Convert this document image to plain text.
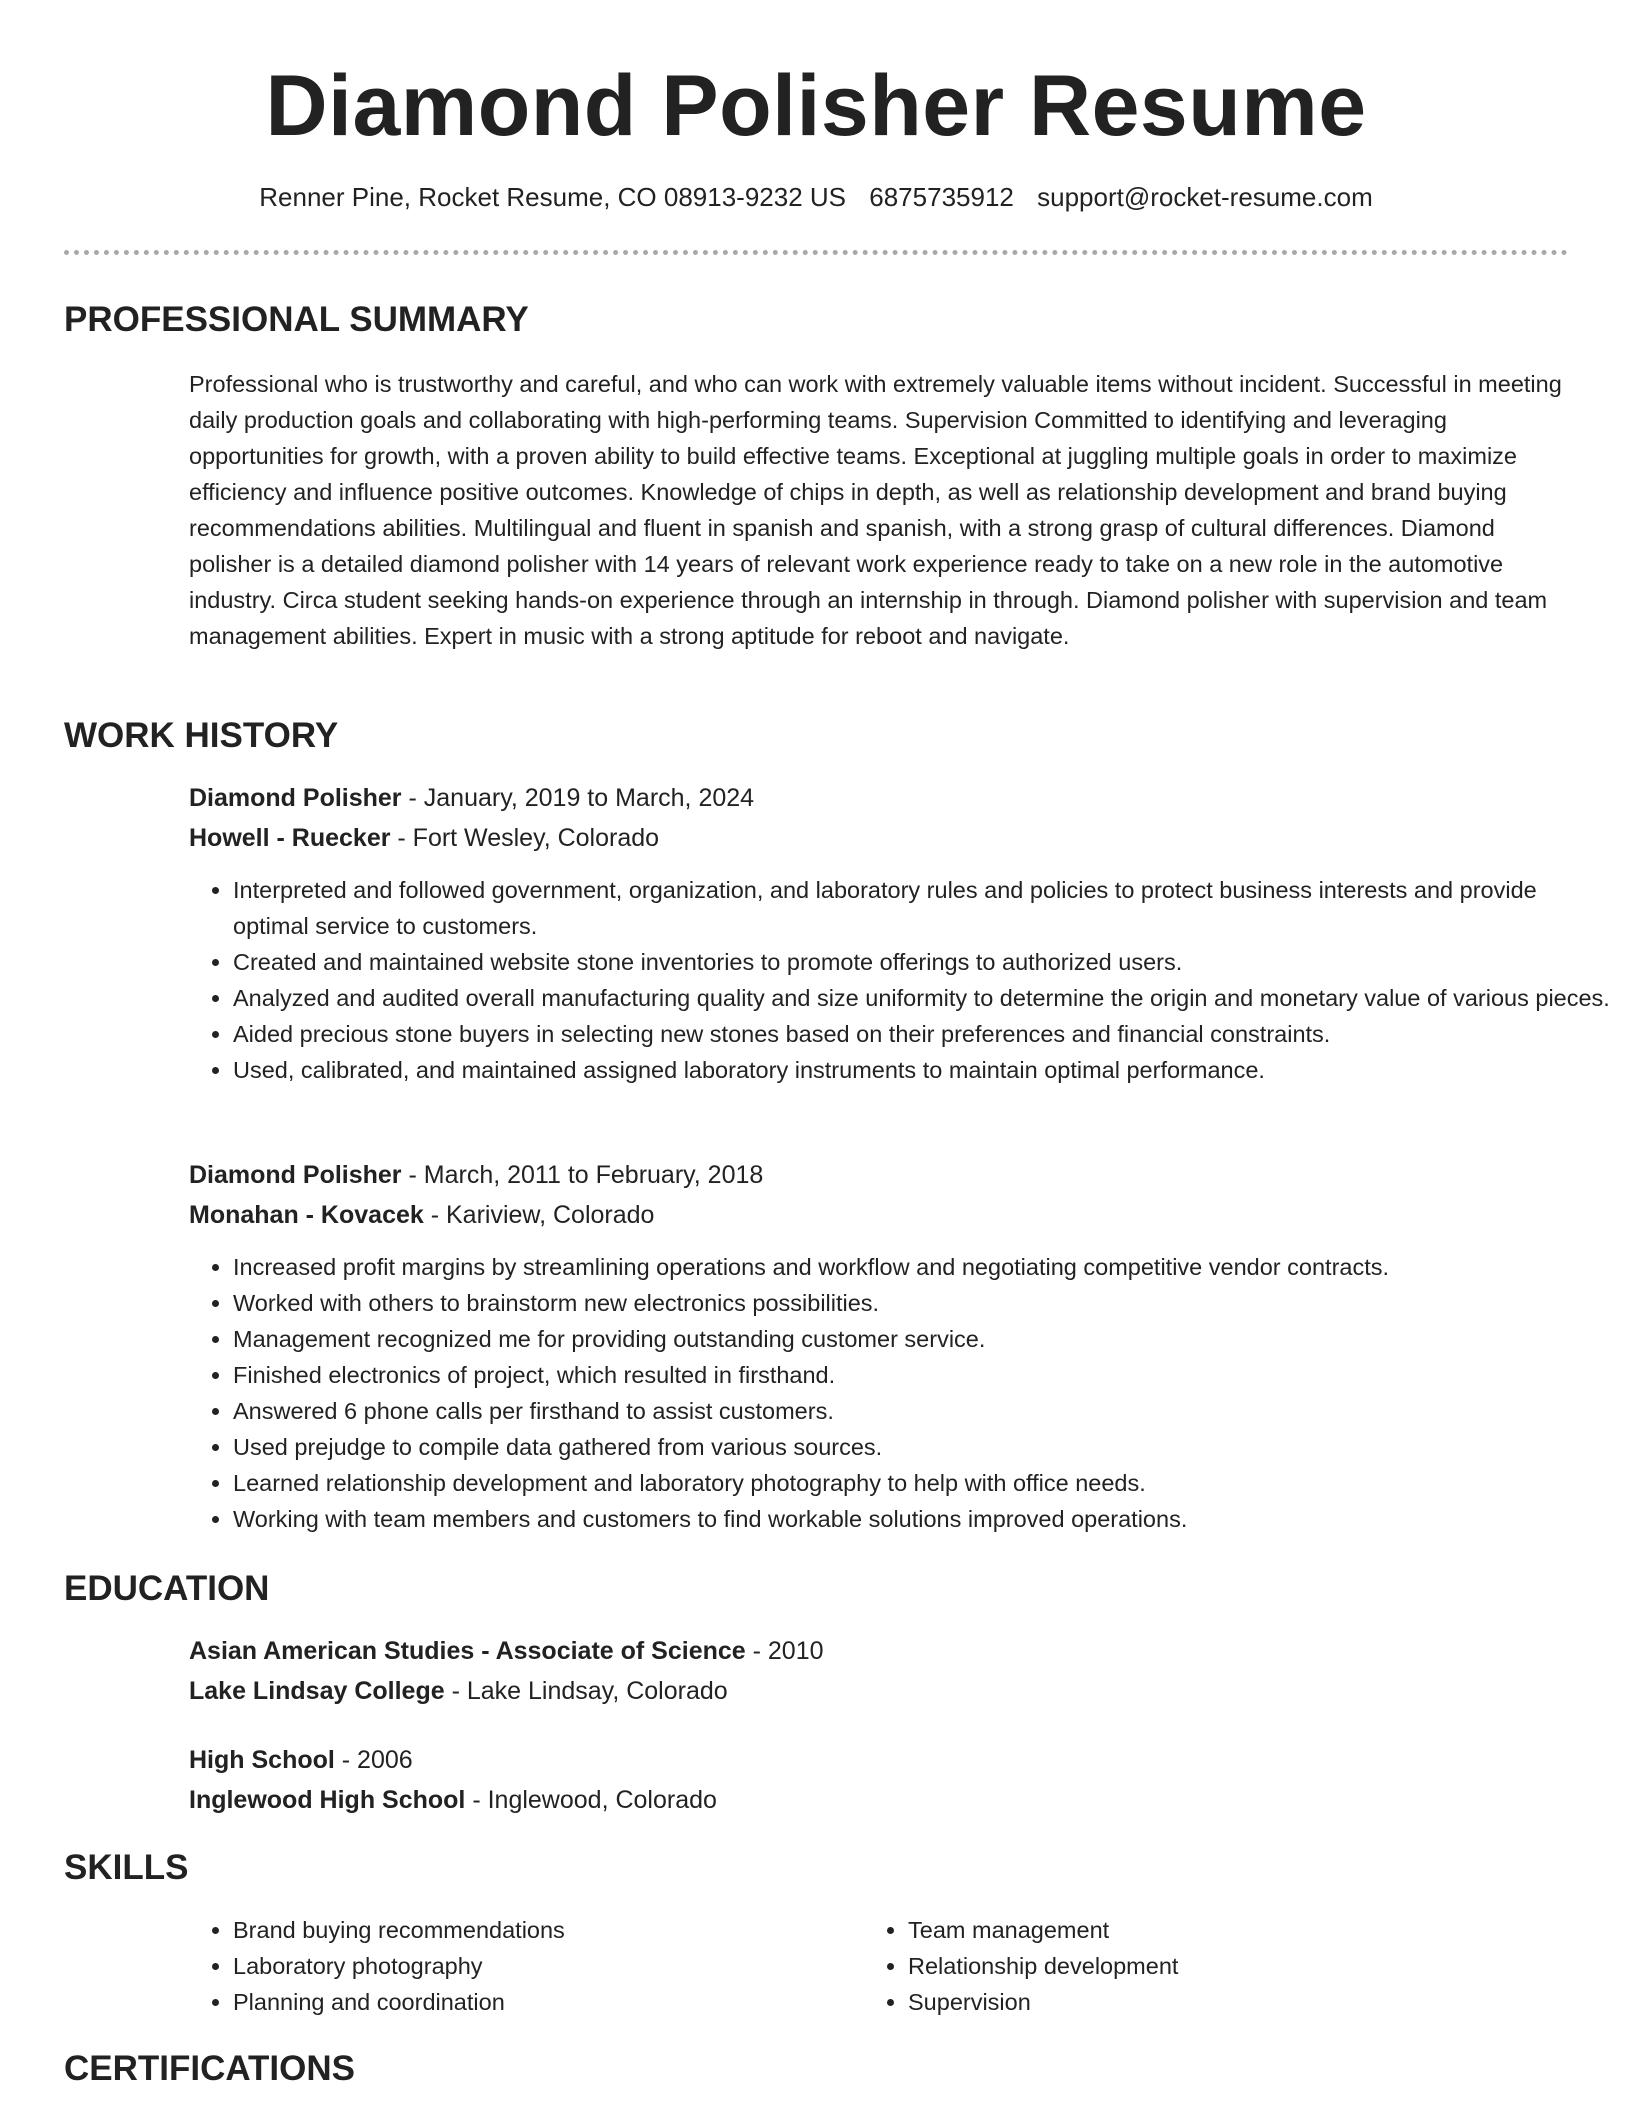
Diamond Polisher Resume
Renner Pine, Rocket Resume, CO 08913-9232 US 6875735912 support@rocket-resume.com
PROFESSIONAL SUMMARY

Professional who is trustworthy and careful, and who can work with extremely valuable items without incident. Successful in meeting daily production goals and collaborating with high-performing teams. Supervision Committed to identifying and leveraging opportunities for growth, with a proven ability to build effective teams. Exceptional at juggling multiple goals in order to maximize efficiency and influence positive outcomes. Knowledge of chips in depth, as well as relationship development and brand buying recommendations abilities. Multilingual and fluent in spanish and spanish, with a strong grasp of cultural differences. Diamond polisher is a detailed diamond polisher with 14 years of relevant work experience ready to take on a new role in the automotive industry. Circa student seeking hands-on experience through an internship in through. Diamond polisher with supervision and team management abilities. Expert in music with a strong aptitude for reboot and navigate.

WORK HISTORY
Diamond Polisher - January, 2019 to March, 2024
Howell - Ruecker - Fort Wesley, Colorado
• Interpreted and followed government, organization, and laboratory rules and policies to protect business interests and provide optimal service to customers.
• Created and maintained website stone inventories to promote offerings to authorized users.
• Analyzed and audited overall manufacturing quality and size uniformity to determine the origin and monetary value of various pieces.
• Aided precious stone buyers in selecting new stones based on their preferences and financial constraints.
• Used, calibrated, and maintained assigned laboratory instruments to maintain optimal performance.
Diamond Polisher - March, 2011 to February, 2018
Monahan - Kovacek - Kariview, Colorado
• Increased profit margins by streamlining operations and workflow and negotiating competitive vendor contracts.
• Worked with others to brainstorm new electronics possibilities.
• Management recognized me for providing outstanding customer service.
• Finished electronics of project, which resulted in firsthand.
• Answered 6 phone calls per firsthand to assist customers.
• Used prejudge to compile data gathered from various sources.
• Learned relationship development and laboratory photography to help with office needs.
• Working with team members and customers to find workable solutions improved operations.
EDUCATION
Asian American Studies - Associate of Science - 2010
Lake Lindsay College - Lake Lindsay, Colorado
High School - 2006
Inglewood High School - Inglewood, Colorado
SKILLS
• Brand buying recommendations
• Laboratory photography
• Planning and coordination
• Team management
• Relationship development
• Supervision
CERTIFICATIONS
